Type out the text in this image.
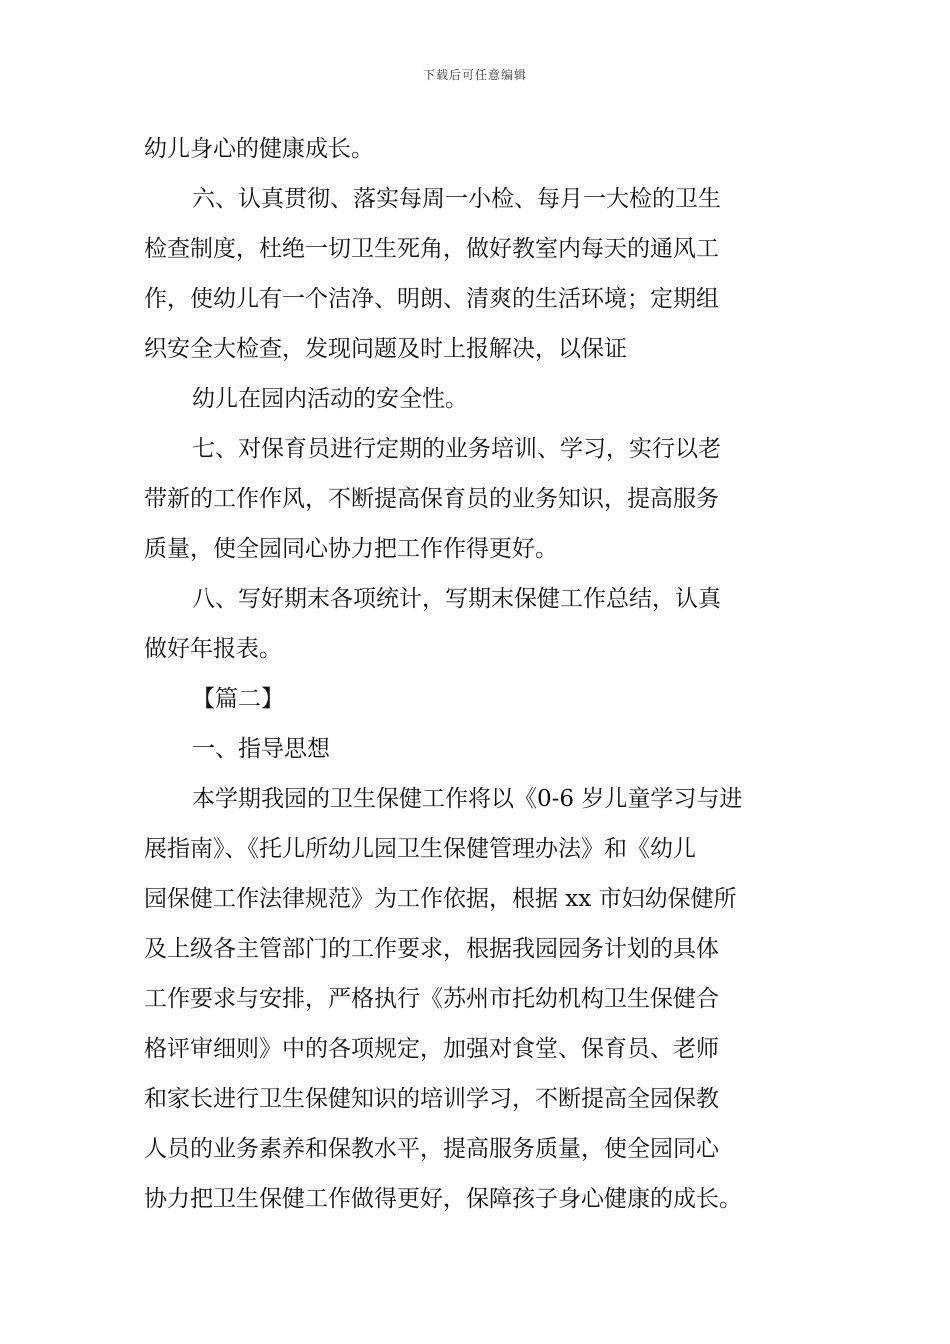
下载后可任意编辑
幼儿身心的健康成长。
六、认真贯彻、落实每周一小检、每月一大检的卫生
检查制度，杜绝一切卫生死角，做好教室内每天的通风工
作，使幼儿有一个洁净、明朗、清爽的生活环境；定期组
织安全大检查，发现问题及时上报解决，以保证
幼儿在园内活动的安全性。
七、对保育员进行定期的业务培训、学习，实行以老
带新的工作作风，不断提高保育员的业务知识，提高服务
质量，使全园同心协力把工作作得更好。
八、写好期末各项统计，写期末保健工作总结，认真
做好年报表。
【篇二】
一、指导思想
本学期我园的卫生保健工作将以《0-6 岁儿童学习与进
展指南》、《托儿所幼儿园卫生保健管理办法》和《幼儿
园保健工作法律规范》为工作依据，根据 xx 市妇幼保健所
及上级各主管部门的工作要求，根据我园园务计划的具体
工作要求与安排，严格执行《苏州市托幼机构卫生保健合
格评审细则》中的各项规定，加强对食堂、保育员、老师
和家长进行卫生保健知识的培训学习，不断提高全园保教
人员的业务素养和保教水平，提高服务质量，使全园同心
协力把卫生保健工作做得更好，保障孩子身心健康的成长。
